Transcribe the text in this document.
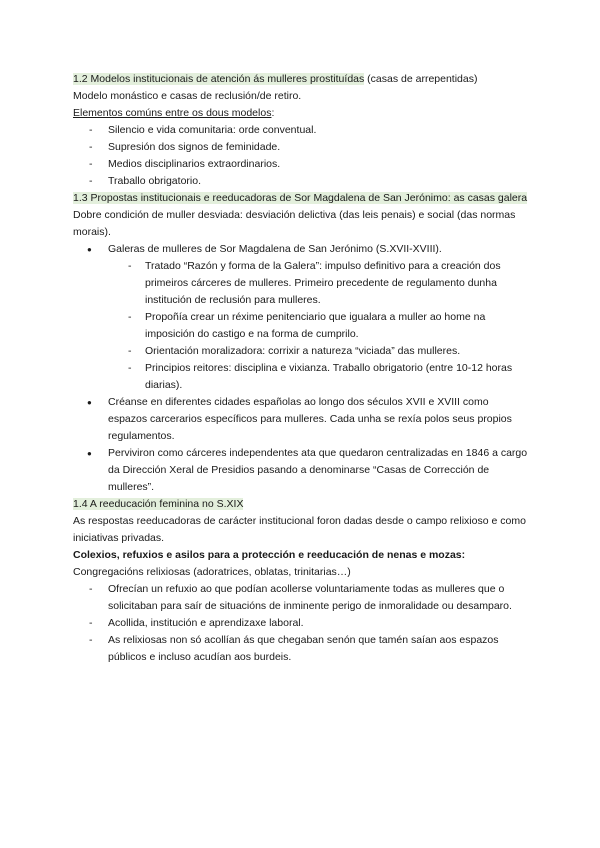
1.2 Modelos institucionais de atención ás mulleres prostituídas (casas de arrepentidas)
Modelo monástico e casas de reclusión/de retiro.
Elementos comúns entre os dous modelos:
- Silencio e vida comunitaria: orde conventual.
- Supresión dos signos de feminidade.
- Medios disciplinarios extraordinarios.
- Traballo obrigatorio.
1.3 Propostas institucionais e reeducadoras de Sor Magdalena de San Jerónimo: as casas galera
Dobre condición de muller desviada: desviación delictiva (das leis penais) e social (das normas morais).
● Galeras de mulleres de Sor Magdalena de San Jerónimo (S.XVII-XVIII).
- Tratado “Razón y forma de la Galera”: impulso definitivo para a creación dos primeiros cárceres de mulleres. Primeiro precedente de regulamento dunha institución de reclusión para mulleres.
- Propoñía crear un réxime penitenciario que igualara a muller ao home na imposición do castigo e na forma de cumprilo.
- Orientación moralizadora: corrixir a natureza “viciada” das mulleres.
- Principios reitores: disciplina e vixianza. Traballo obrigatorio (entre 10-12 horas diarias).
● Créanse en diferentes cidades españolas ao longo dos séculos XVII e XVIII como espazos carcerarios específicos para mulleres. Cada unha se rexía polos seus propios regulamentos.
● Perviviron como cárceres independentes ata que quedaron centralizadas en 1846 a cargo da Dirección Xeral de Presidios pasando a denominarse “Casas de Corrección de mulleres”.
1.4 A reeducación feminina no S.XIX
As respostas reeducadoras de carácter institucional foron dadas desde o campo relixioso e como iniciativas privadas.
Colexios, refuxios e asilos para a protección e reeducación de nenas e mozas:
Congregacións relixiosas (adoratrices, oblatas, trinitarias…)
- Ofrecían un refuxio ao que podían acollerse voluntariamente todas as mulleres que o solicitaban para saír de situacións de inminente perigo de inmoralidade ou desamparo.
- Acollida, institución e aprendizaxe laboral.
- As relixiosas non só acollían ás que chegaban senón que tamén saían aos espazos públicos e incluso acudían aos burdeis.
